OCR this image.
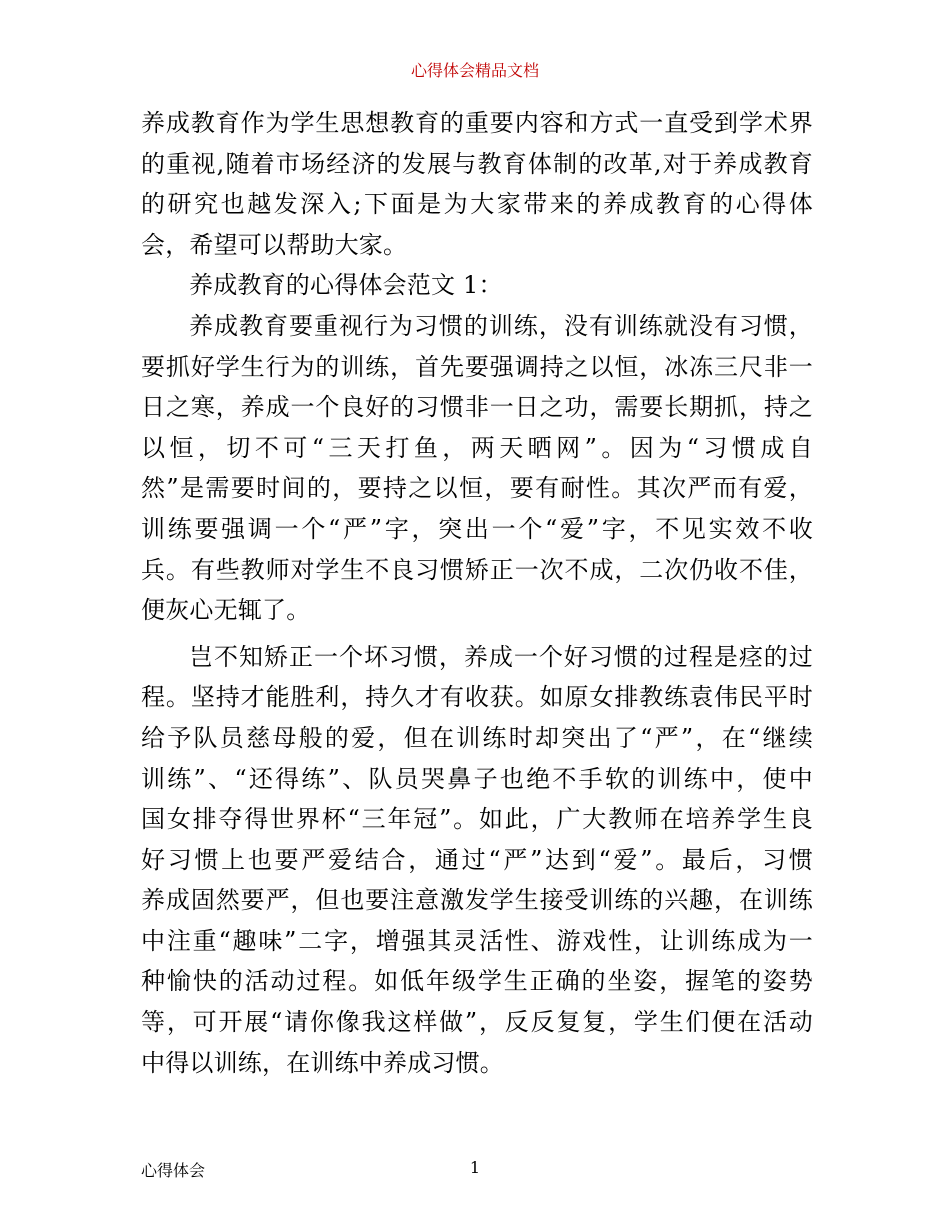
心得体会精品文档
养成教育作为学生思想教育的重要内容和方式一直受到学术界
的重视,随着市场经济的发展与教育体制的改革,对于养成教育
的研究也越发深入;下面是为大家带来的养成教育的心得体
会，希望可以帮助大家。
养成教育的心得体会范文 1：
养成教育要重视行为习惯的训练，没有训练就没有习惯，
要抓好学生行为的训练，首先要强调持之以恒，冰冻三尺非一
日之寒，养成一个良好的习惯非一日之功，需要长期抓，持之
以恒，切不可“三天打鱼，两天晒网”。因为“习惯成自
然”是需要时间的，要持之以恒，要有耐性。其次严而有爱，
训练要强调一个“严”字，突出一个“爱”字，不见实效不收
兵。有些教师对学生不良习惯矫正一次不成，二次仍收不佳，
便灰心无辄了。
岂不知矫正一个坏习惯，养成一个好习惯的过程是痉的过
程。坚持才能胜利，持久才有收获。如原女排教练袁伟民平时
给予队员慈母般的爱，但在训练时却突出了“严”，在“继续
训练”、“还得练”、队员哭鼻子也绝不手软的训练中，使中
国女排夺得世界杯“三年冠”。如此，广大教师在培养学生良
好习惯上也要严爱结合，通过“严”达到“爱”。最后，习惯
养成固然要严，但也要注意激发学生接受训练的兴趣，在训练
中注重“趣味”二字，增强其灵活性、游戏性，让训练成为一
种愉快的活动过程。如低年级学生正确的坐姿，握笔的姿势
等，可开展“请你像我这样做”，反反复复，学生们便在活动
中得以训练，在训练中养成习惯。
心得体会	1
